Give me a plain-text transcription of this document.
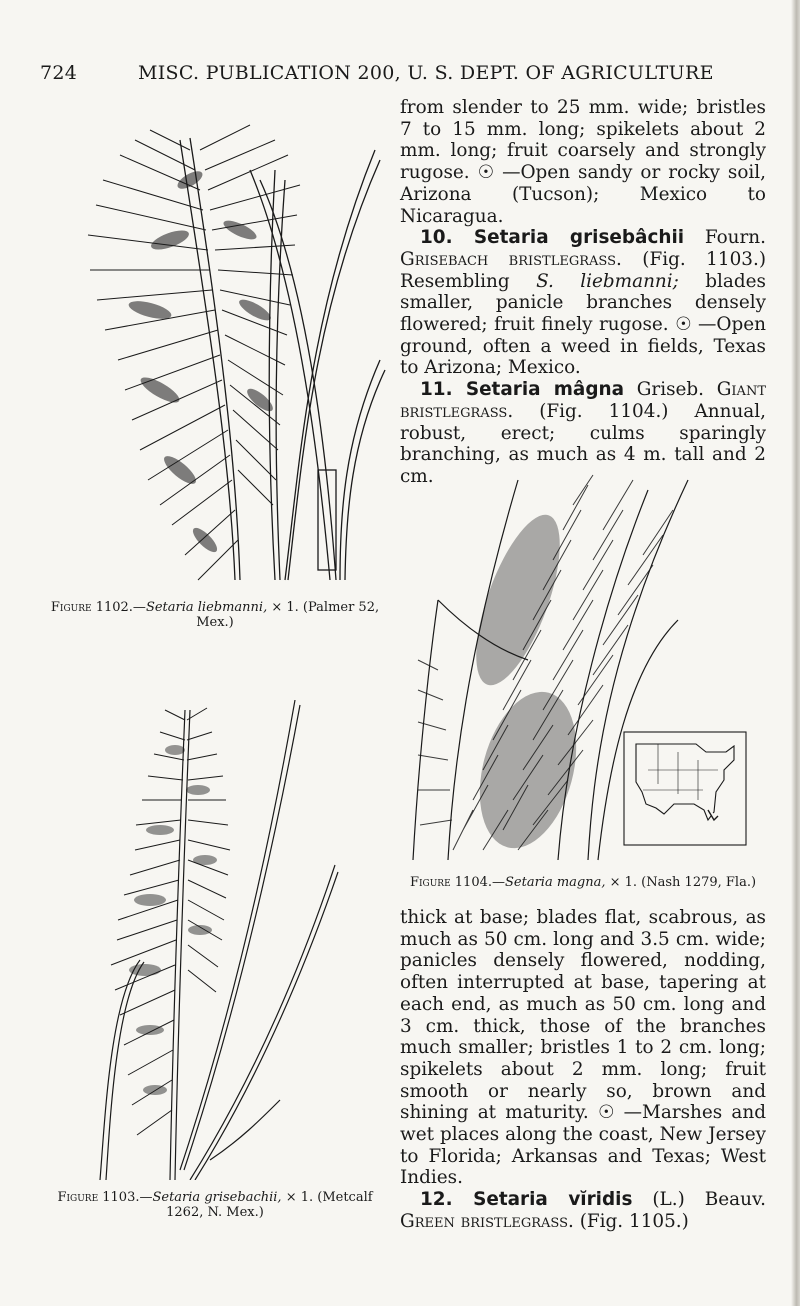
724	MISC. PUBLICATION 200, U. S. DEPT. OF AGRICULTURE
Figure 1102.—Setaria liebmanni, × 1. (Palmer 52,
Mex.)
Figure 1103.—Setaria grisebachii, × 1. (Metcalf
1262, N. Mex.)

from slender to 25 mm. wide; bristles 7 to 15 mm. long; spikelets about 2 mm. long; fruit coarsely and strongly rugose. ☉ —Open sandy or rocky soil, Arizona (Tucson); Mexico to Nicaragua.

10. Setaria grisebâchii Fourn. Grisebach bristlegrass. (Fig. 1103.) Resembling S. liebmanni; blades smaller, panicle branches densely flowered; fruit finely rugose. ☉ —Open ground, often a weed in fields, Texas to Arizona; Mexico.

11. Setaria mâgna Griseb. Giant bristlegrass. (Fig. 1104.) Annual, robust, erect; culms sparingly branching, as much as 4 m. tall and 2 cm.

Figure 1104.—Setaria magna, × 1. (Nash 1279, Fla.)

thick at base; blades flat, scabrous, as much as 50 cm. long and 3.5 cm. wide; panicles densely flowered, nodding, often interrupted at base, tapering at each end, as much as 50 cm. long and 3 cm. thick, those of the branches much smaller; bristles 1 to 2 cm. long; spikelets about 2 mm. long; fruit smooth or nearly so, brown and shining at maturity. ☉ —Marshes and wet places along the coast, New Jersey to Florida; Arkansas and Texas; West Indies.

12. Setaria vĭridis (L.) Beauv. Green bristlegrass. (Fig. 1105.)
